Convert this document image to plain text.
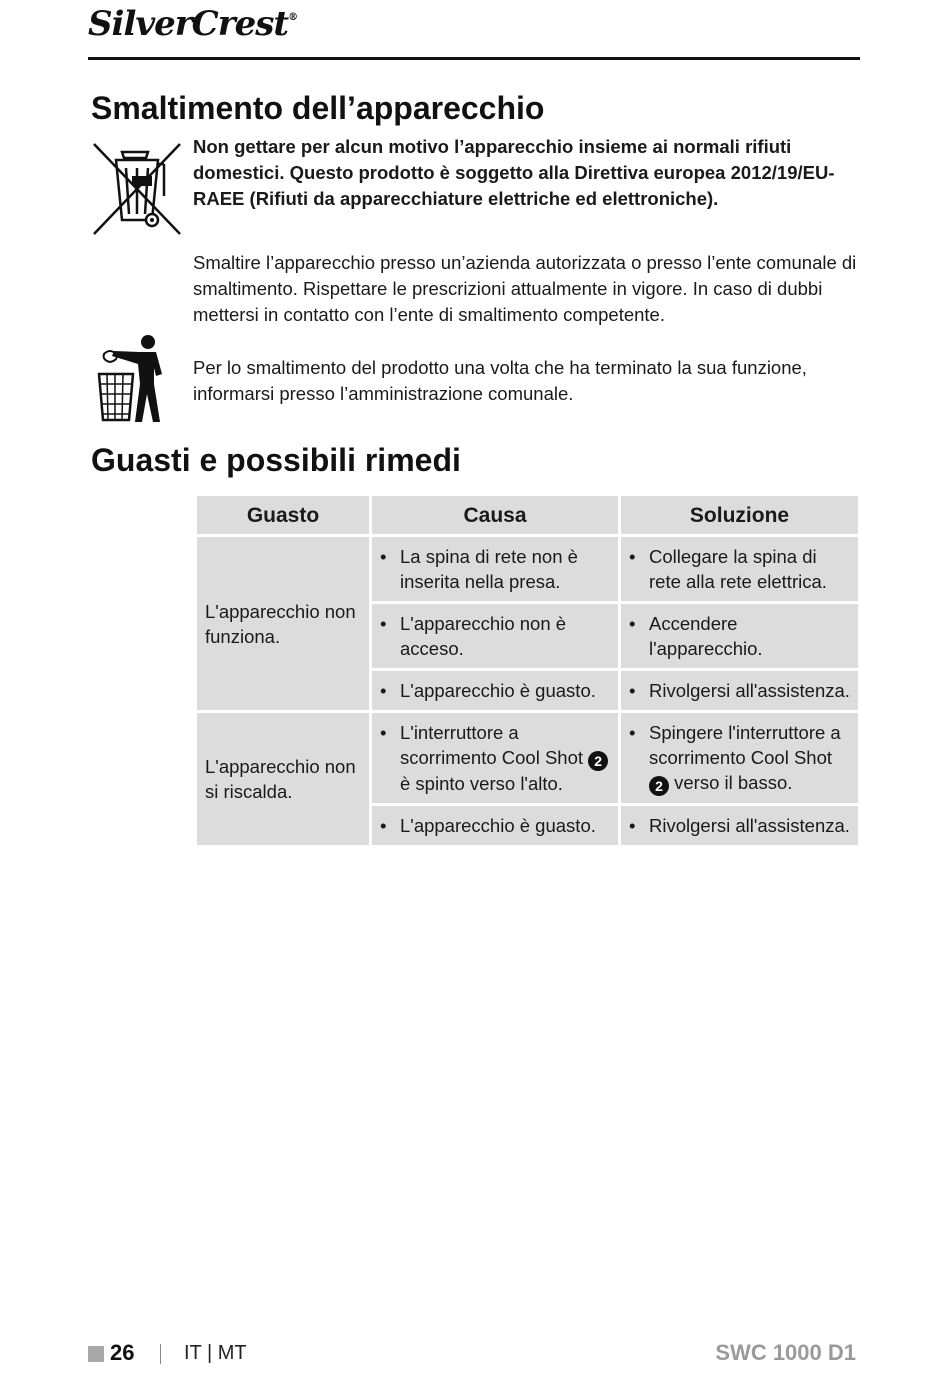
SilverCrest®
Smaltimento dell’apparecchio

Non gettare per alcun motivo l’apparecchio insieme ai normali rifiuti domestici. Questo prodotto è soggetto alla Direttiva europea 2012/19/EU-RAEE (Rifiuti da apparecchiature elettriche ed elettroniche).

Smaltire l’apparecchio presso un’azienda autorizzata o presso l’ente comunale di smaltimento. Rispettare le prescrizioni attualmente in vigore. In caso di dubbi mettersi in contatto con l’ente di smaltimento competente.

Per lo smaltimento del prodotto una volta che ha terminato la sua funzione, informarsi presso l’amministrazione comunale.

Guasti e possibili rimedi
Guasto	Causa	Soluzione
L'apparecchio non funziona.	• La spina di rete non è inserita nella presa.	• Collegare la spina di rete alla rete elettrica.

	• L'apparecchio non è acceso.	• Accendere l'apparecchio.

	• L'apparecchio è guasto.	• Rivolgersi all'assistenza.

L'apparecchio non si riscalda.	• L'interruttore a scorrimento Cool Shot 2 è spinto verso l'alto.	• Spingere l'interruttore a scorrimento Cool Shot 2 verso il basso.

	• L'apparecchio è guasto.	• Rivolgersi all'assistenza.
26 IT | MT	SWC 1000 D1
